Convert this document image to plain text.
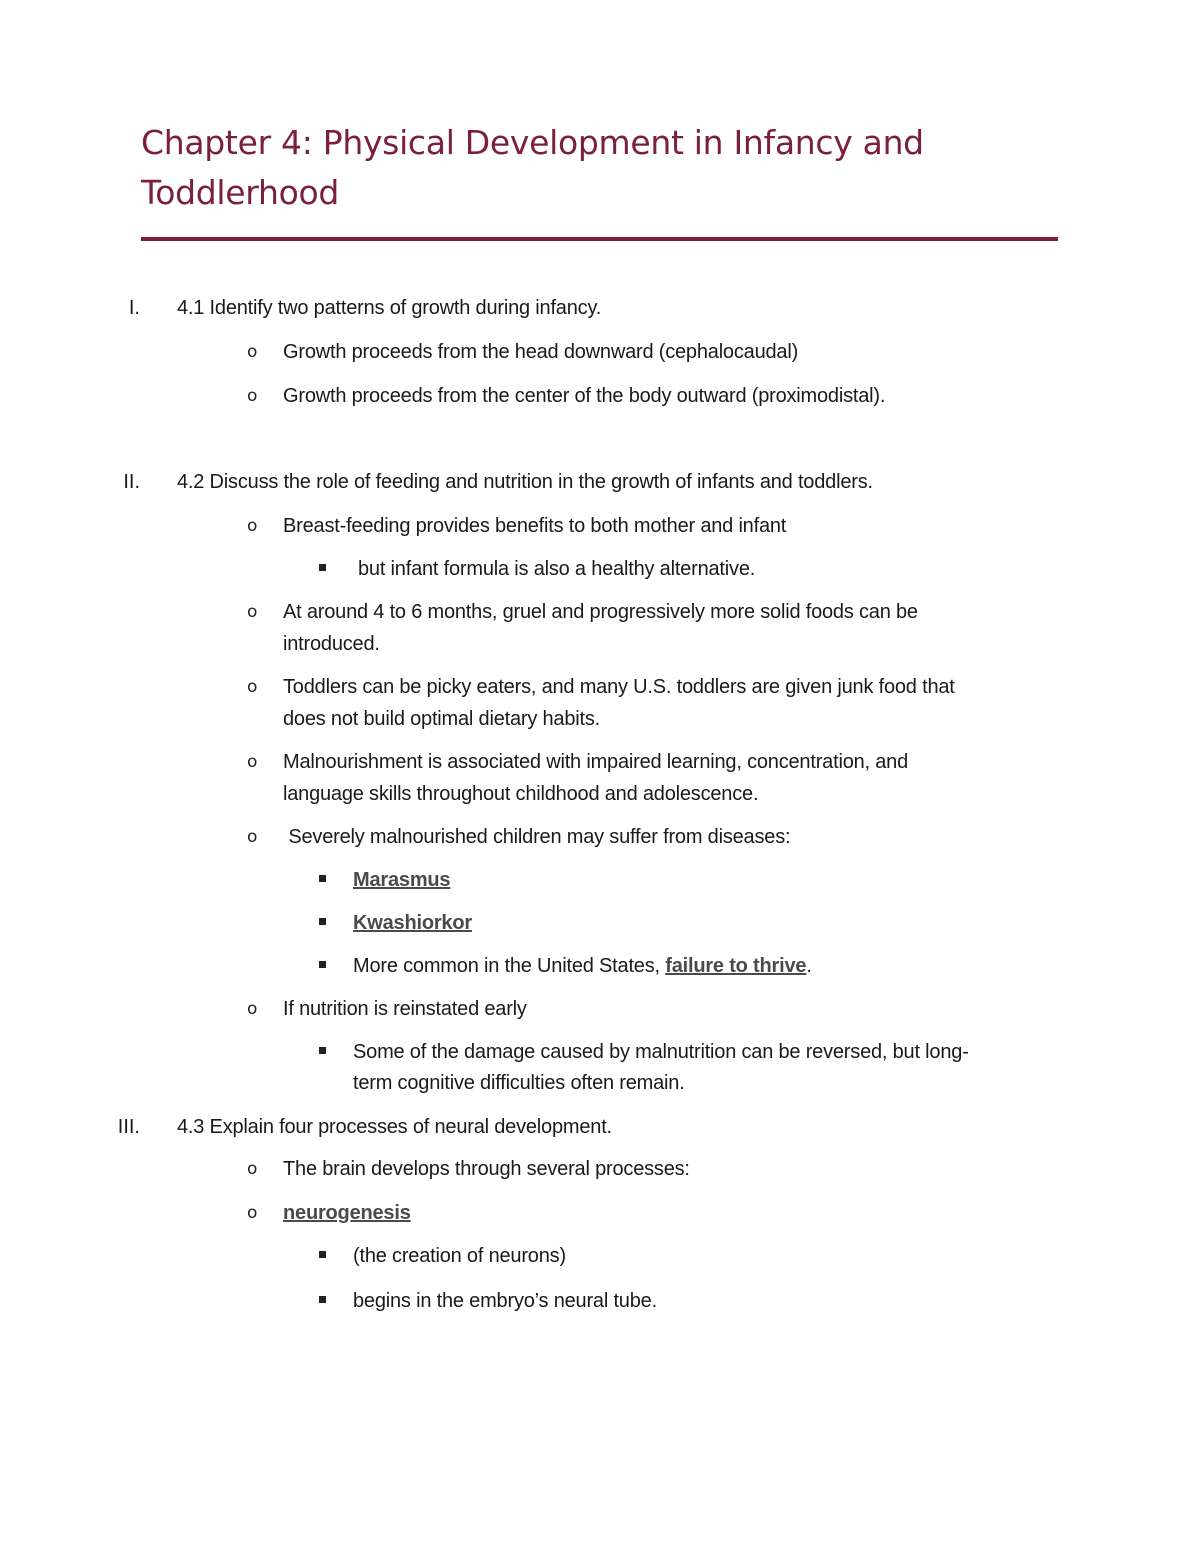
Chapter 4: Physical Development in Infancy and
Toddlerhood
I. 4.1 Identify two patterns of growth during infancy.
o Growth proceeds from the head downward (cephalocaudal)
o Growth proceeds from the center of the body outward (proximodistal).
II. 4.2 Discuss the role of feeding and nutrition in the growth of infants and toddlers.
o Breast-feeding provides benefits to both mother and infant
but infant formula is also a healthy alternative.
o At around 4 to 6 months, gruel and progressively more solid foods can be
introduced.
o Toddlers can be picky eaters, and many U.S. toddlers are given junk food that
does not build optimal dietary habits.
o Malnourishment is associated with impaired learning, concentration, and
language skills throughout childhood and adolescence.
o Severely malnourished children may suffer from diseases:
Marasmus
Kwashiorkor
More common in the United States, failure to thrive.
o If nutrition is reinstated early
Some of the damage caused by malnutrition can be reversed, but long-
term cognitive difficulties often remain.
III. 4.3 Explain four processes of neural development.
o The brain develops through several processes:
o neurogenesis
(the creation of neurons)
begins in the embryo’s neural tube.
